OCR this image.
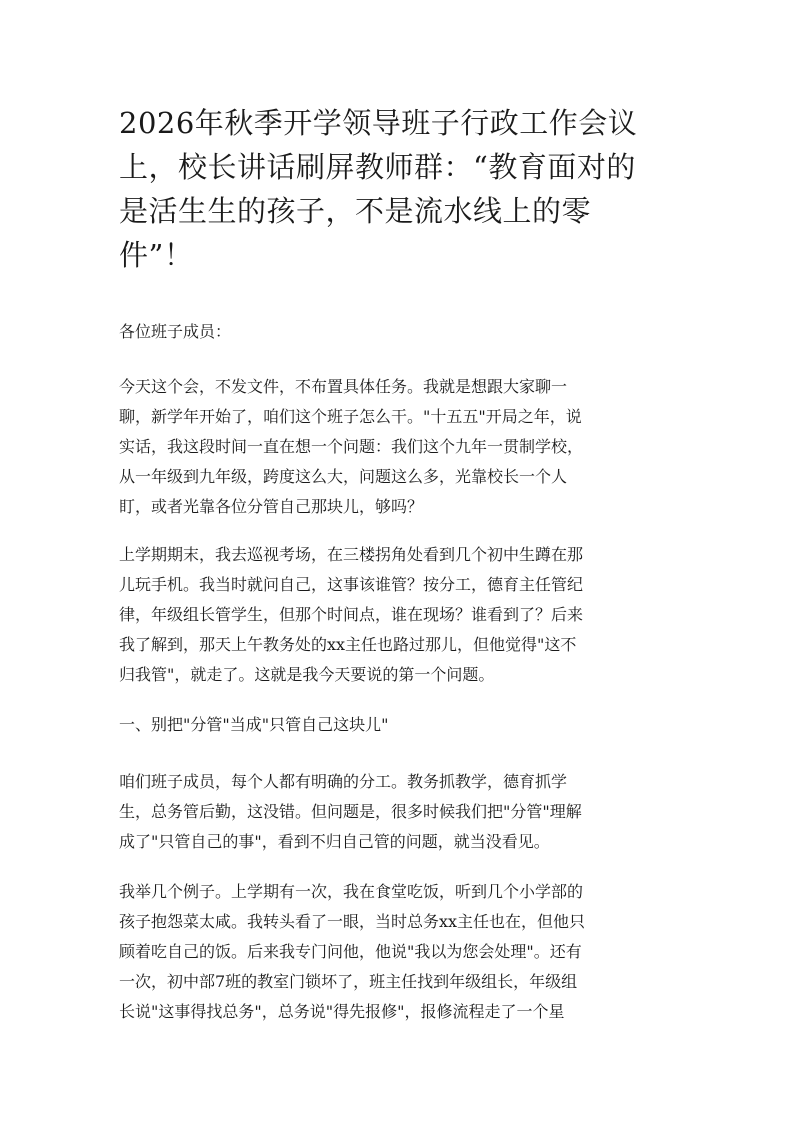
2026年秋季开学领导班子行政工作会议
上，校长讲话刷屏教师群：“教育面对的
是活生生的孩子，不是流水线上的零
件”！

各位班子成员：

今天这个会，不发文件，不布置具体任务。我就是想跟大家聊一
聊，新学年开始了，咱们这个班子怎么干。"十五五"开局之年，说
实话，我这段时间一直在想一个问题：我们这个九年一贯制学校，
从一年级到九年级，跨度这么大，问题这么多，光靠校长一个人
盯，或者光靠各位分管自己那块儿，够吗？

上学期期末，我去巡视考场，在三楼拐角处看到几个初中生蹲在那
儿玩手机。我当时就问自己，这事该谁管？按分工，德育主任管纪
律，年级组长管学生，但那个时间点，谁在现场？谁看到了？后来
我了解到，那天上午教务处的xx主任也路过那儿，但他觉得"这不
归我管"，就走了。这就是我今天要说的第一个问题。

一、别把"分管"当成"只管自己这块儿"

咱们班子成员，每个人都有明确的分工。教务抓教学，德育抓学
生，总务管后勤，这没错。但问题是，很多时候我们把"分管"理解
成了"只管自己的事"，看到不归自己管的问题，就当没看见。

我举几个例子。上学期有一次，我在食堂吃饭，听到几个小学部的
孩子抱怨菜太咸。我转头看了一眼，当时总务xx主任也在，但他只
顾着吃自己的饭。后来我专门问他，他说"我以为您会处理"。还有
一次，初中部7班的教室门锁坏了，班主任找到年级组长，年级组
长说"这事得找总务"，总务说"得先报修"，报修流程走了一个星
